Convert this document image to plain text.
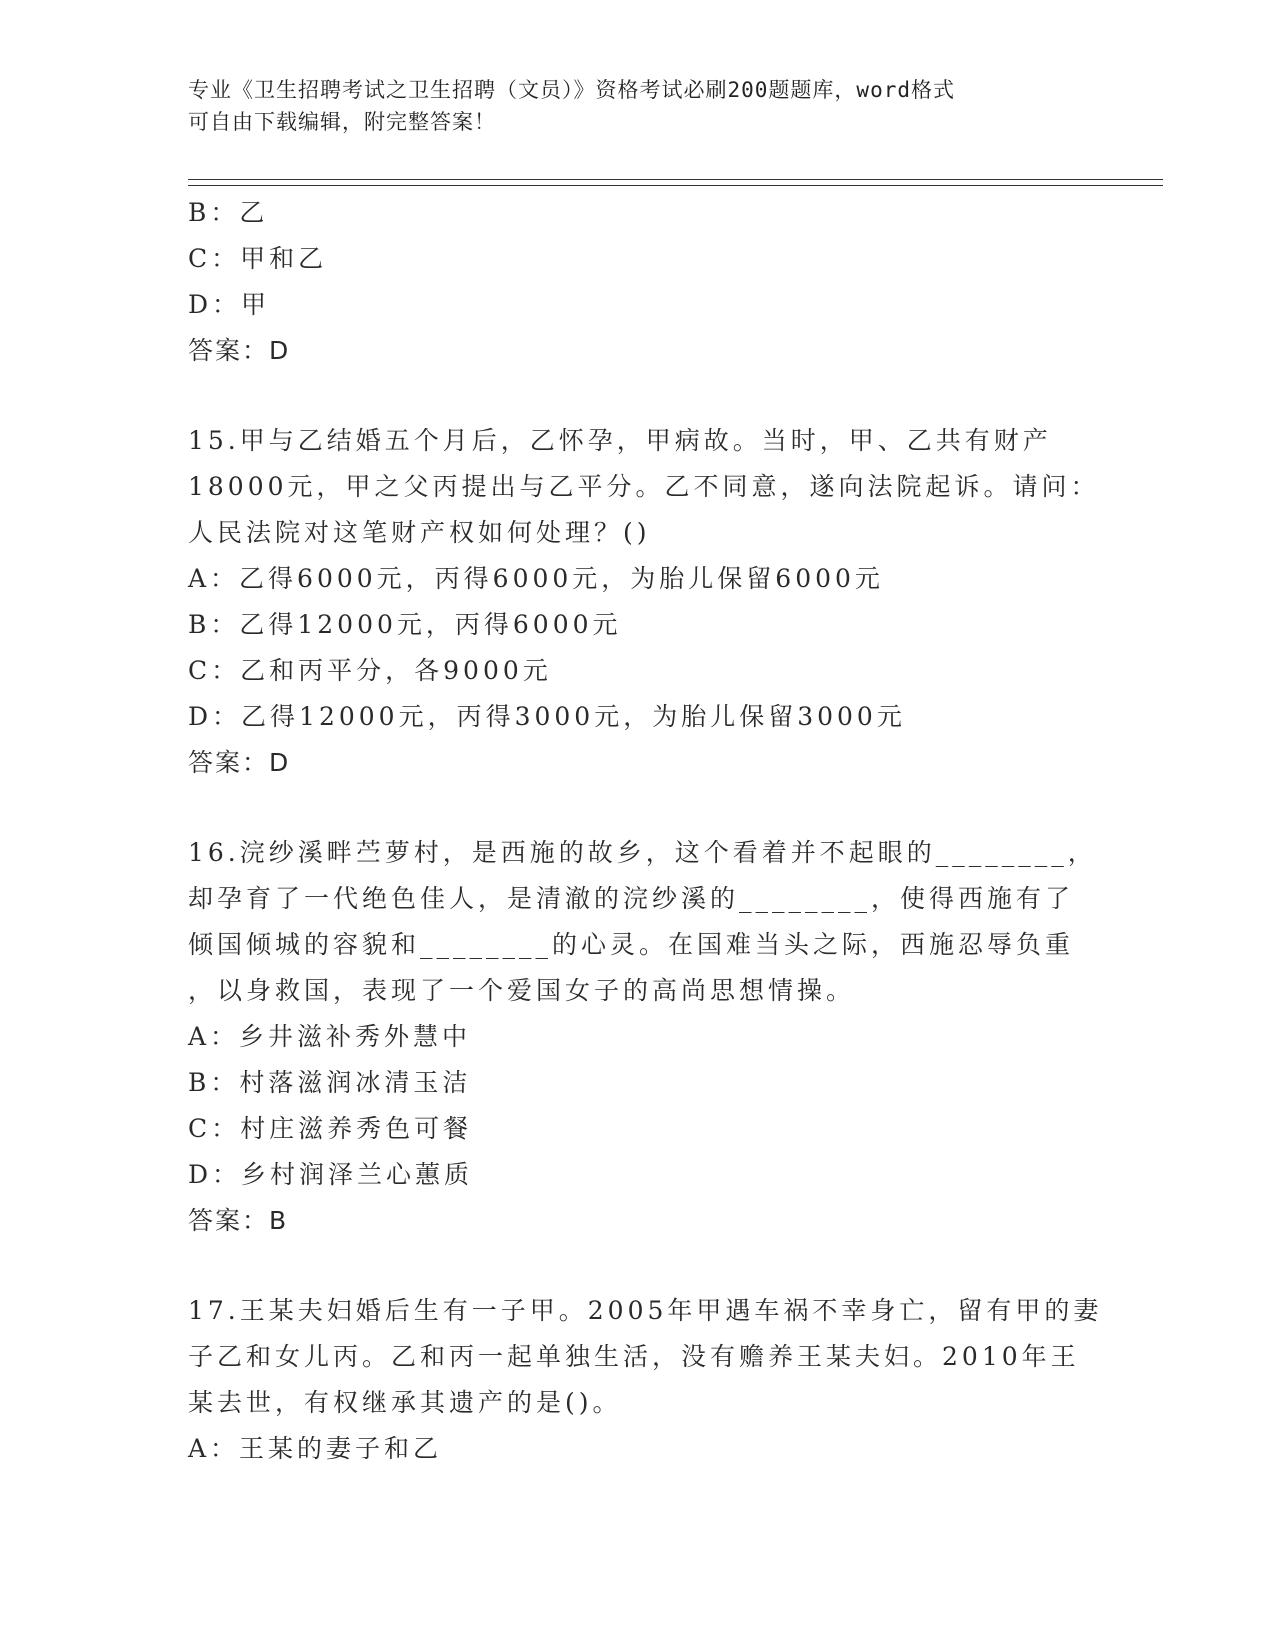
专业《卫生招聘考试之卫生招聘（文员）》资格考试必刷200题题库，word格式
可自由下载编辑，附完整答案！
B：乙
C：甲和乙
D：甲
答案：D
15.甲与乙结婚五个月后，乙怀孕，甲病故。当时，甲、乙共有财产
18000元，甲之父丙提出与乙平分。乙不同意，遂向法院起诉。请问：
人民法院对这笔财产权如何处理？()
A：乙得6000元，丙得6000元，为胎儿保留6000元
B：乙得12000元，丙得6000元
C：乙和丙平分，各9000元
D：乙得12000元，丙得3000元，为胎儿保留3000元
答案：D
16.浣纱溪畔苎萝村，是西施的故乡，这个看着并不起眼的________，
却孕育了一代绝色佳人，是清澈的浣纱溪的________，使得西施有了
倾国倾城的容貌和________的心灵。在国难当头之际，西施忍辱负重
，以身救国，表现了一个爱国女子的高尚思想情操。
A：乡井滋补秀外慧中
B：村落滋润冰清玉洁
C：村庄滋养秀色可餐
D：乡村润泽兰心蕙质
答案：B
17.王某夫妇婚后生有一子甲。2005年甲遇车祸不幸身亡，留有甲的妻
子乙和女儿丙。乙和丙一起单独生活，没有赡养王某夫妇。2010年王
某去世，有权继承其遗产的是()。
A：王某的妻子和乙
